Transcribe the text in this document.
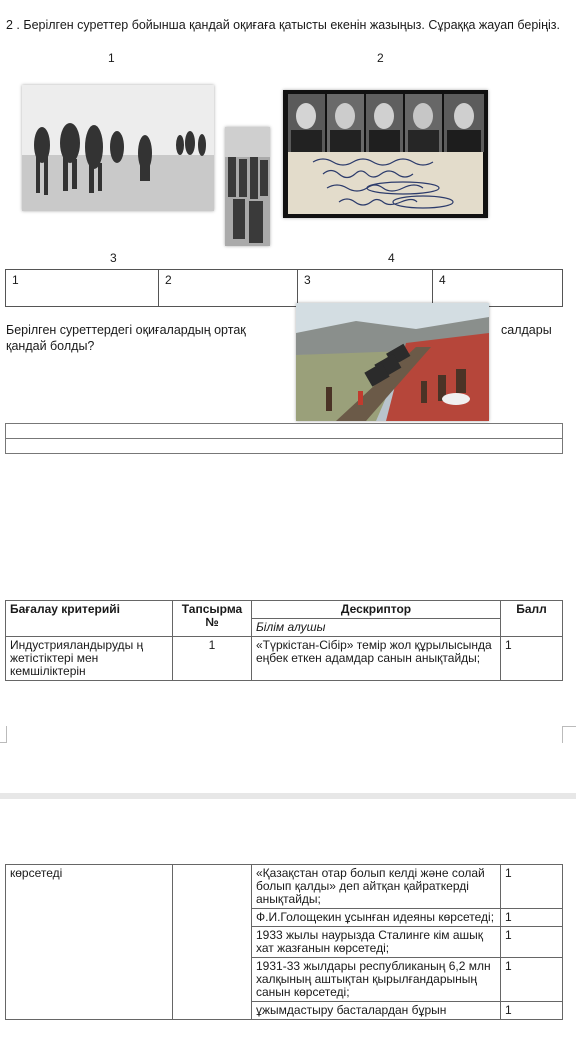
2 . Берілген суреттер бойынша қандай оқиғаға қатысты екенін жазыңыз. Сұраққа жауап беріңіз.
1	2
3	4
1	2	3	4
Берілген суреттердегі оқиғалардың ортақ	салдары
қандай болды?

Бағалау критерийі	Тапсырма №	Дескриптор	Балл
		Білім алушы	
Индустрияландыруды ң жетістіктері мен кемшіліктерін	1	«Түркістан-Сібір» темір жол құрылысында еңбек еткен адамдар санын анықтайды;	1
көрсетеді		«Қазақстан отар болып келді және солай болып қалды» деп айтқан қайраткерді анықтайды;	1
		Ф.И.Голощекин ұсынған идеяны көрсетеді;	1
		1933 жылы наурызда Сталинге кім ашық хат жазғанын көрсетеді;	1
		1931-33 жылдары республиканың 6,2 млн халқының аштықтан қырылғандарының санын көрсетеді;	1
		ұжымдастыру басталардан бұрын	1
